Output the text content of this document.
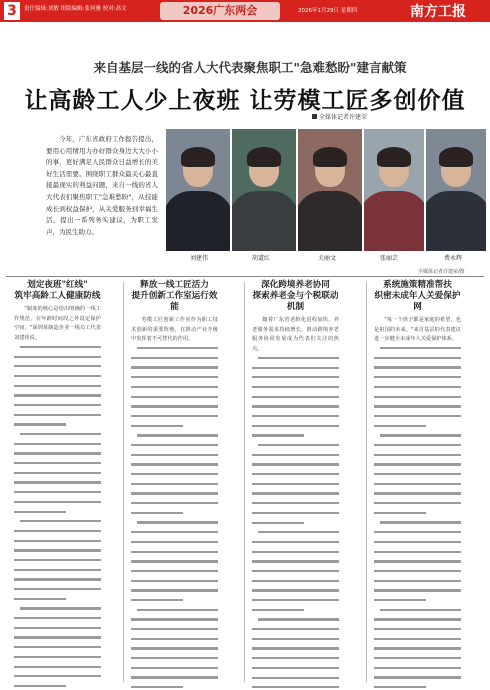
3	责任编辑:刘敏 组版编辑:张珂雅 校对:高文	2026广东两会	2026年1月29日 星期四	南方工报
来自基层一线的省人大代表聚焦职工"急难愁盼"建言献策
让高龄工人少上夜班 让劳模工匠多创价值
全媒体记者许建荣
今年，广东省政府工作报告提出，要用心用情用力办好群众身边大大小小的事，更好满足人民群众日益增长的美好生活需要。围绕职工群众最关心最直接最现实的利益问题，来自一线的省人大代表们聚焦职工"急难愁盼"，从技能成长到权益保护，从关爱服务到幸福生活，提出一系列务实建议，为职工发声，为民生助力。
刘建伟	胡道红	关丽文	张丽芸	费永辉
全媒体记者许建荣/摄
划定夜班"红线"
筑牢高龄工人健康防线

"制度的核心是给出明确的一线工作规范，在年龄时间段之外设定保护空间。"深圳某制造企业一线员工代表刘建伟说。

释放一线工匠活力
提升创新工作室运行效能

劳模工匠创新工作室作为职工技术创新的重要阵地，在推动产业升级中发挥着不可替代的作用。

深化跨境养老协同
探索养老金与个税联动机制

随着广东省老龄化进程加快，养老服务需求持续增长，推动跨境养老服务协同发展成为代表们关注的焦点。

系统施策精准帮扶
织密未成年人关爱保护网

"每一个孩子都是家庭的希望，也是祖国的未来。"来自基层的代表建议进一步健全未成年人关爱保护体系。
